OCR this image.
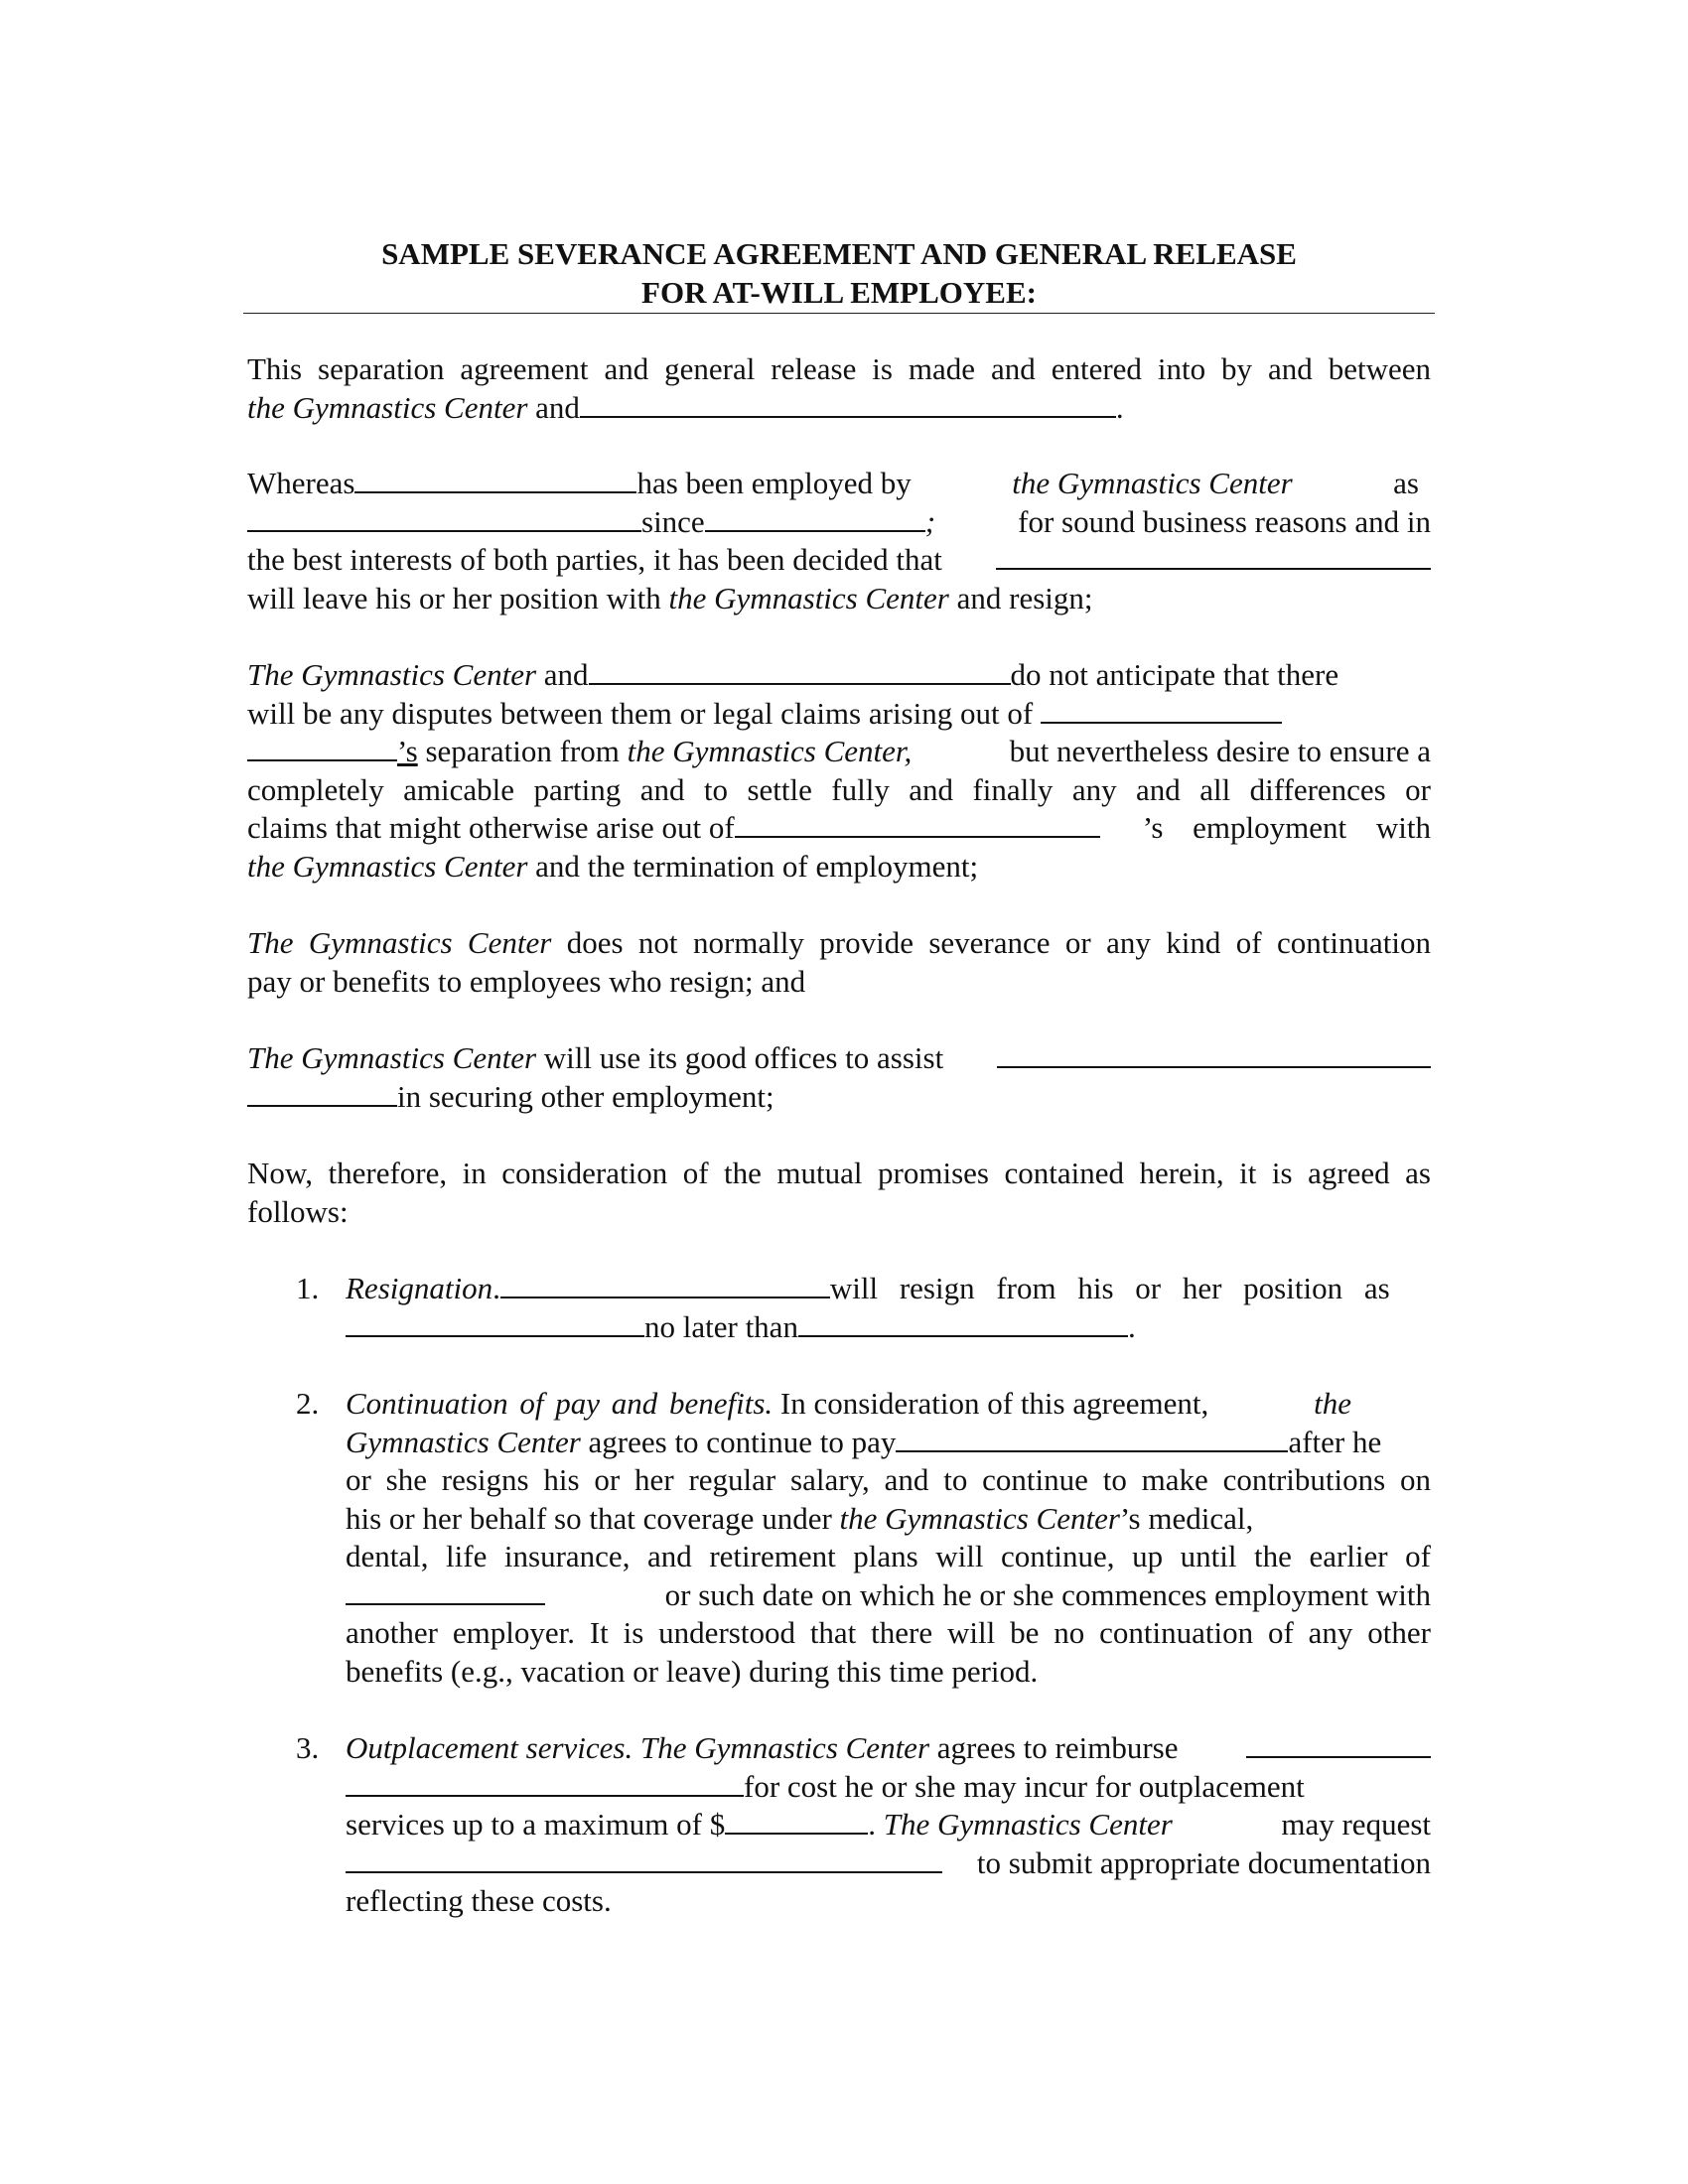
SAMPLE SEVERANCE AGREEMENT AND GENERAL RELEASE
FOR AT-WILL EMPLOYEE:
This separation agreement and general release is made and entered into by and between
the Gymnastics Center and	.
Whereas	has been employed by	the Gymnastics Center	as
since	;	for sound business reasons and in
the best interests of both parties, it has been decided that
will leave his or her position with the Gymnastics Center and resign;
The Gymnastics Center and	do not anticipate that there
will be any disputes between them or legal claims arising out of
’s separation from the Gymnastics Center,	but nevertheless desire to ensure a
completely amicable parting and to settle fully and finally any and all differences or
claims that might otherwise arise out of	’s employment with
the Gymnastics Center and the termination of employment;
The Gymnastics Center does not normally provide severance or any kind of continuation
pay or benefits to employees who resign; and
The Gymnastics Center will use its good offices to assist
in securing other employment;
Now, therefore, in consideration of the mutual promises contained herein, it is agreed as
follows:
1. Resignation.	will resign from his or her position as
no later than	.
2. Continuation of pay and benefits. In consideration of this agreement,	the
Gymnastics Center agrees to continue to pay	after he
or she resigns his or her regular salary, and to continue to make contributions on
his or her behalf so that coverage under the Gymnastics Center’s medical,
dental, life insurance, and retirement plans will continue, up until the earlier of
or such date on which he or she commences employment with
another employer. It is understood that there will be no continuation of any other
benefits (e.g., vacation or leave) during this time period.
3. Outplacement services. The Gymnastics Center agrees to reimburse
for cost he or she may incur for outplacement
services up to a maximum of $	. The Gymnastics Center	may request
to submit appropriate documentation
reflecting these costs.
